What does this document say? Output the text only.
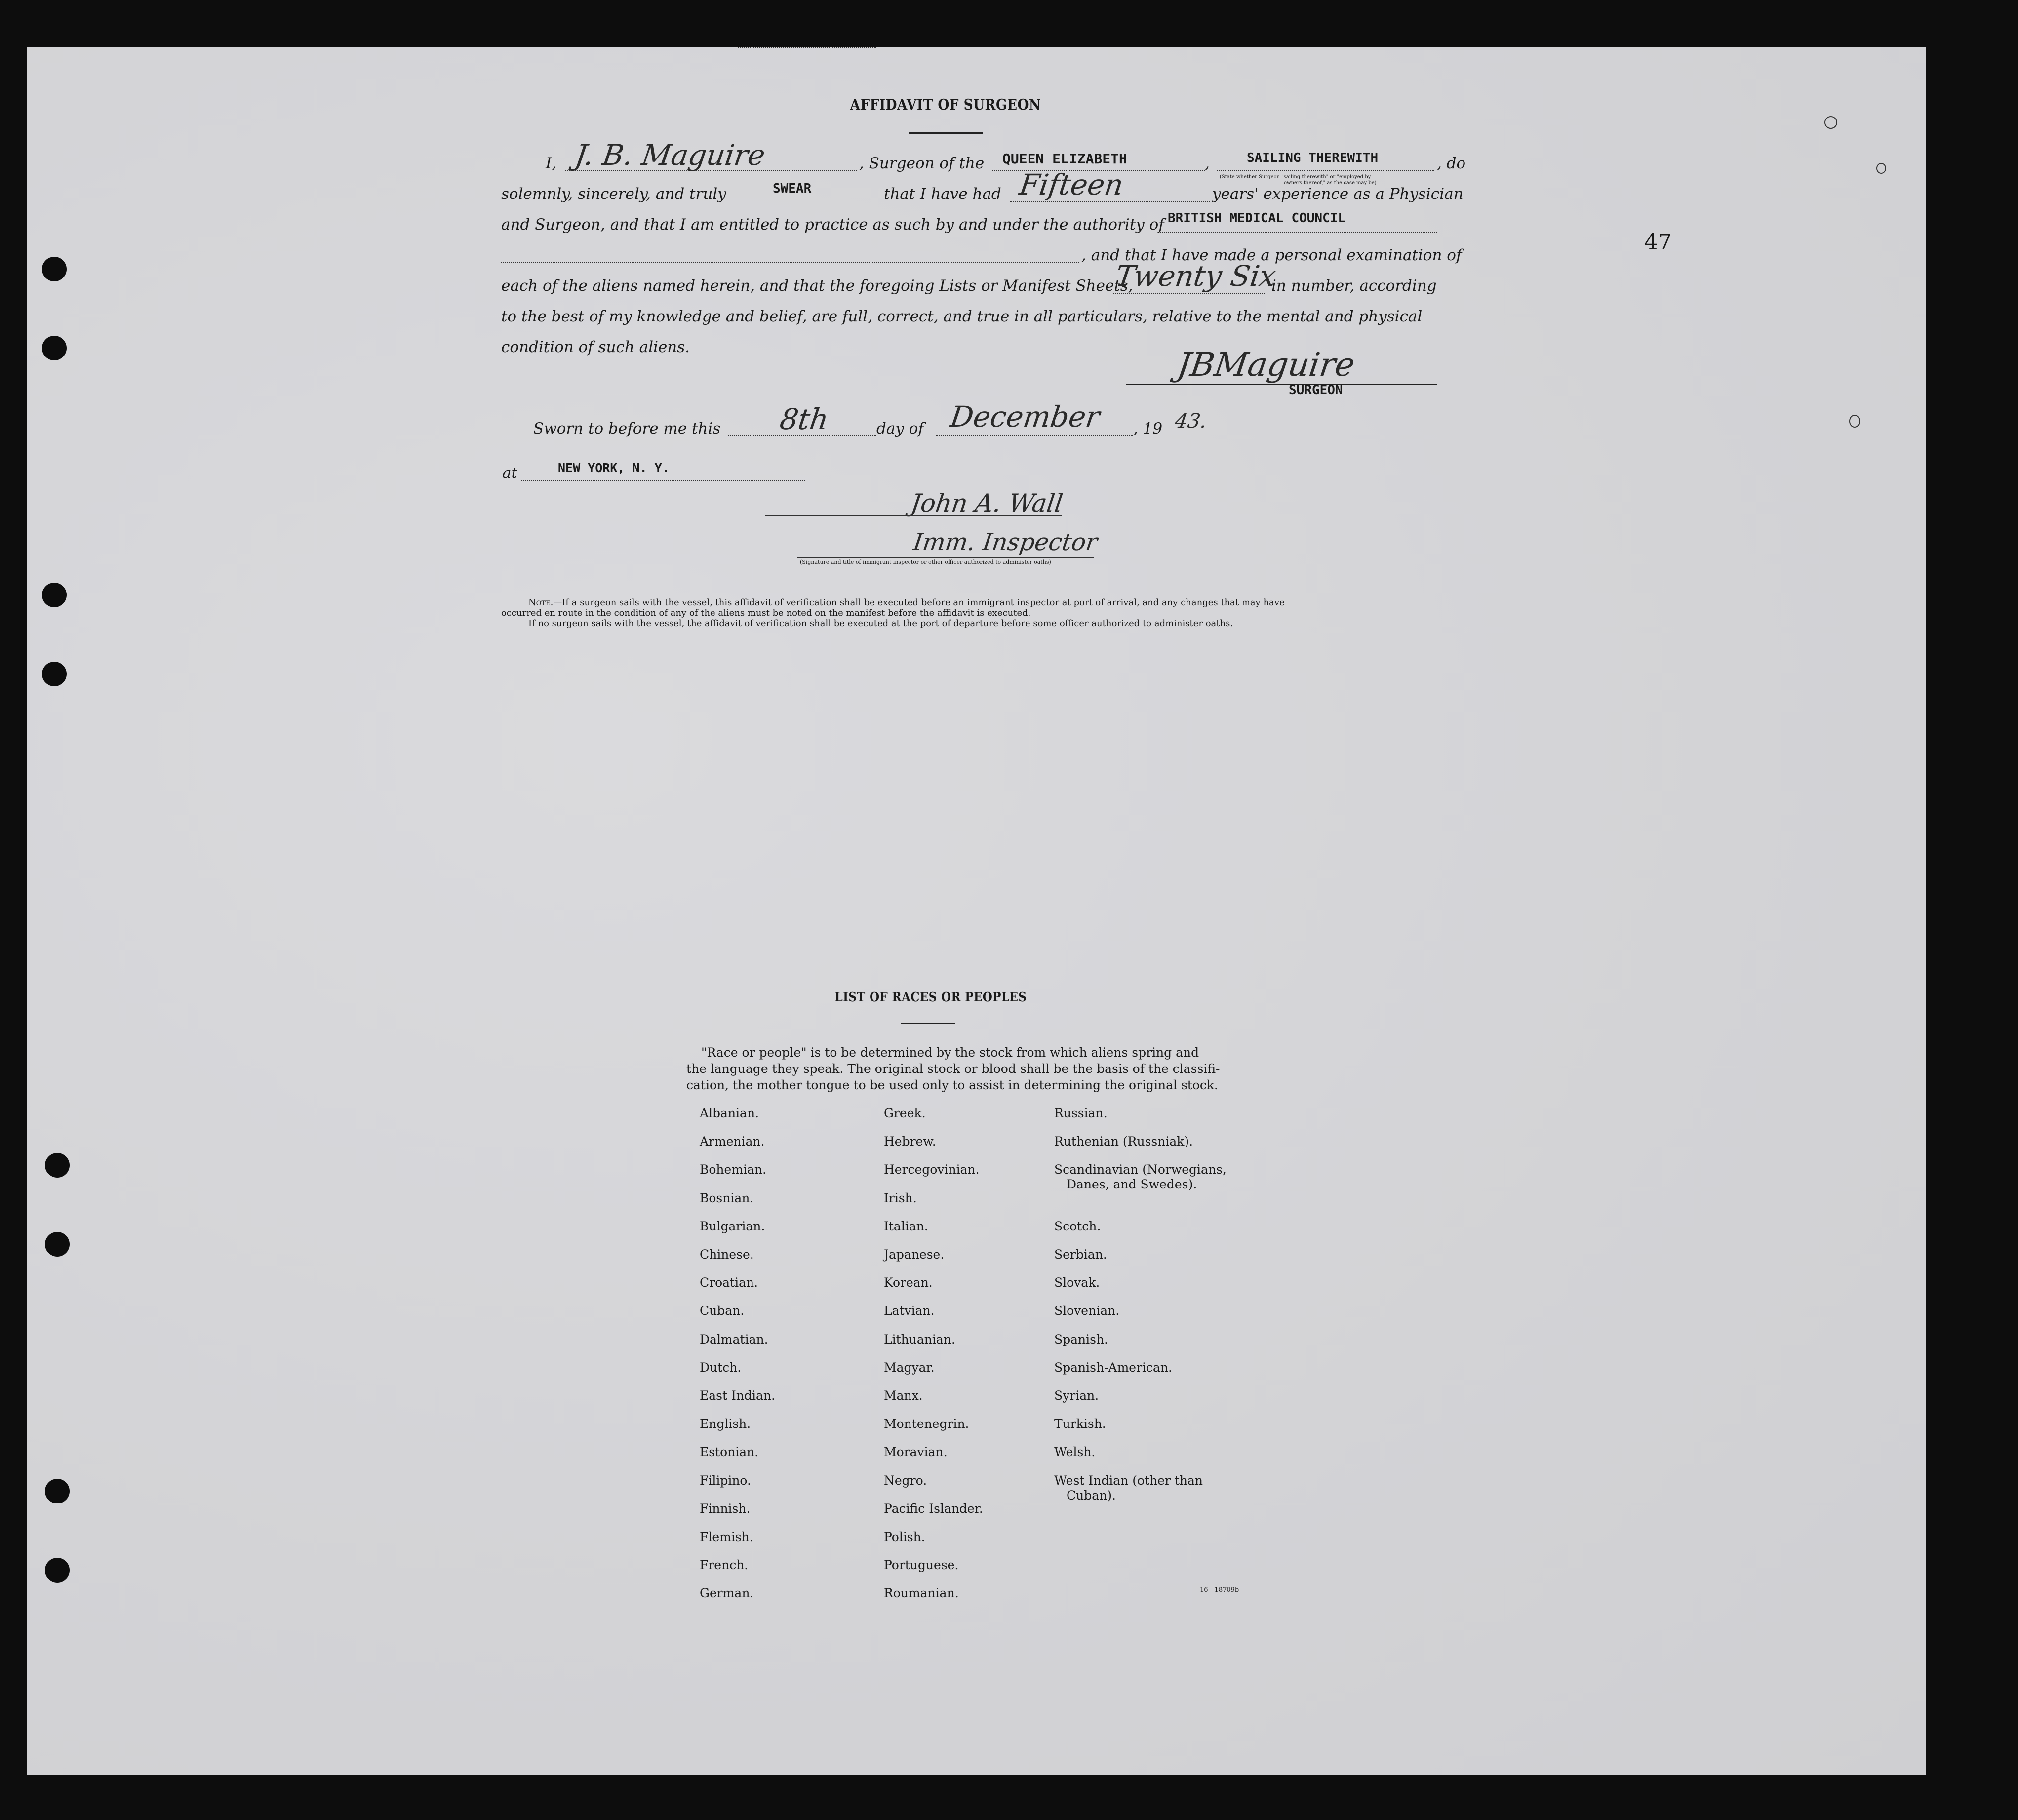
47
AFFIDAVIT OF SURGEON
I, J. B. Maguire	, Surgeon of the QUEEN ELIZABETH	,	SAILING THEREWITH
(State whether Surgeon "sailing therewith" or "employed by
owners thereof," as the case may be)
, do
solemnly, sincerely, and truly	SWEAR	that I have had Fifteen	years' experience as a Physician
and Surgeon, and that I am entitled to practice as such by and under the authority of BRITISH MEDICAL COUNCIL
, and that I have made a personal examination of
each of the aliens named herein, and that the foregoing Lists or Manifest Sheets,
Twenty Six
in number, according
to the best of my knowledge and belief, are full, correct, and true in all particulars, relative to the mental and physical
condition of such aliens.	JBMaguire
SURGEON
Sworn to before me this 8th	day of December , 19 43.
at	NEW YORK, N. Y.
John A. Wall
Imm. Inspector
(Signature and title of immigrant inspector or other officer authorized to administer oaths)
Note.—If a surgeon sails with the vessel, this affidavit of verification shall be executed before an immigrant inspector at port of arrival, and any changes that may have
occurred en route in the condition of any of the aliens must be noted on the manifest before the affidavit is executed.
If no surgeon sails with the vessel, the affidavit of verification shall be executed at the port of departure before some officer authorized to administer oaths.
LIST OF RACES OR PEOPLES
"Race or people" is to be determined by the stock from which aliens spring and
the language they speak. The original stock or blood shall be the basis of the classifi-
cation, the mother tongue to be used only to assist in determining the original stock.
16—18709b
Albanian.
Armenian.
Bohemian.
Bosnian.
Bulgarian.
Chinese.
Croatian.
Cuban.
Dalmatian.
Dutch.
East Indian.
English.
Estonian.
Filipino.
Finnish.
Flemish.
French.
German.
Greek.
Hebrew.
Hercegovinian.
Irish.
Italian.
Japanese.
Korean.
Latvian.
Lithuanian.
Magyar.
Manx.
Montenegrin.
Moravian.
Negro.
Pacific Islander.
Polish.
Portuguese.
Roumanian.
Russian.
Ruthenian (Russniak).
Scandinavian (Norwegians,
Danes, and Swedes).
Scotch.
Serbian.
Slovak.
Slovenian.
Spanish.
Spanish-American.
Syrian.
Turkish.
Welsh.
West Indian (other than
Cuban).
